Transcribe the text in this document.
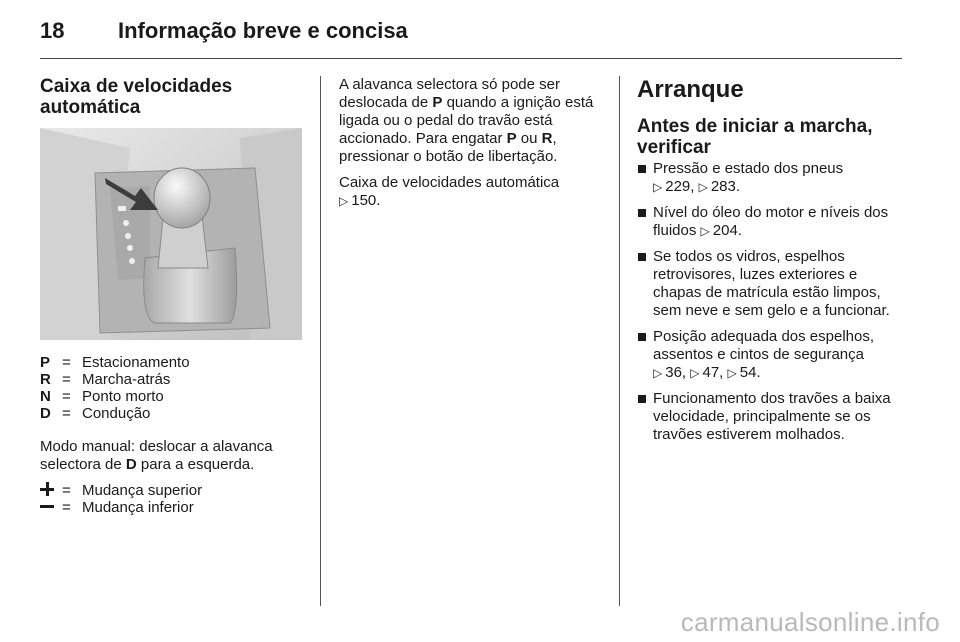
18 Informação breve e concisa
Caixa de velocidades
automática
P = Estacionamento
R = Marcha-atrás
N = Ponto morto
D = Condução

Modo manual: deslocar a alavanca selectora de D para a esquerda.

= Mudança superior
= Mudança inferior

A alavanca selectora só pode ser deslocada de P quando a ignição está ligada ou o pedal do travão está accionado. Para engatar P ou R, pressionar o botão de libertação.

Caixa de velocidades automática
▷ 150.

Arranque
Antes de iniciar a marcha,
verificar
Pressão e estado dos pneus
▷ 229, ▷ 283.
Nível do óleo do motor e níveis dos fluidos ▷ 204.
Se todos os vidros, espelhos retrovisores, luzes exteriores e chapas de matrícula estão limpos, sem neve e sem gelo e a funcionar.
Posição adequada dos espelhos, assentos e cintos de segurança
▷ 36, ▷ 47, ▷ 54.
Funcionamento dos travões a baixa velocidade, principalmente se os travões estiverem molhados.
carmanualsonline.info
